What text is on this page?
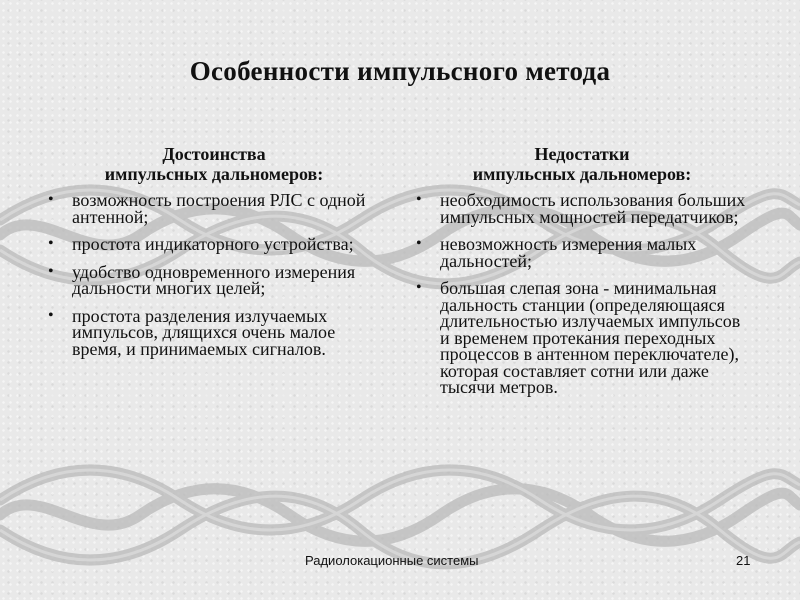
Особенности импульсного метода
Достоинства
импульсных дальномеров:
• возможность построения РЛС с одной антенной;
• простота индикаторного устройства;
• удобство одновременного измерения дальности многих целей;
• простота разделения излучаемых импульсов, длящихся очень малое время, и принимаемых сигналов.
Недостатки
импульсных дальномеров:
• необходимость использования больших импульсных мощностей передатчиков;
• невозможность измерения малых дальностей;
• большая слепая зона - минимальная дальность станции (определяющаяся длительностью излучаемых импульсов и временем протекания переходных процессов в антенном переключателе), которая составляет сотни или даже тысячи метров.
Радиолокационные системы	21
